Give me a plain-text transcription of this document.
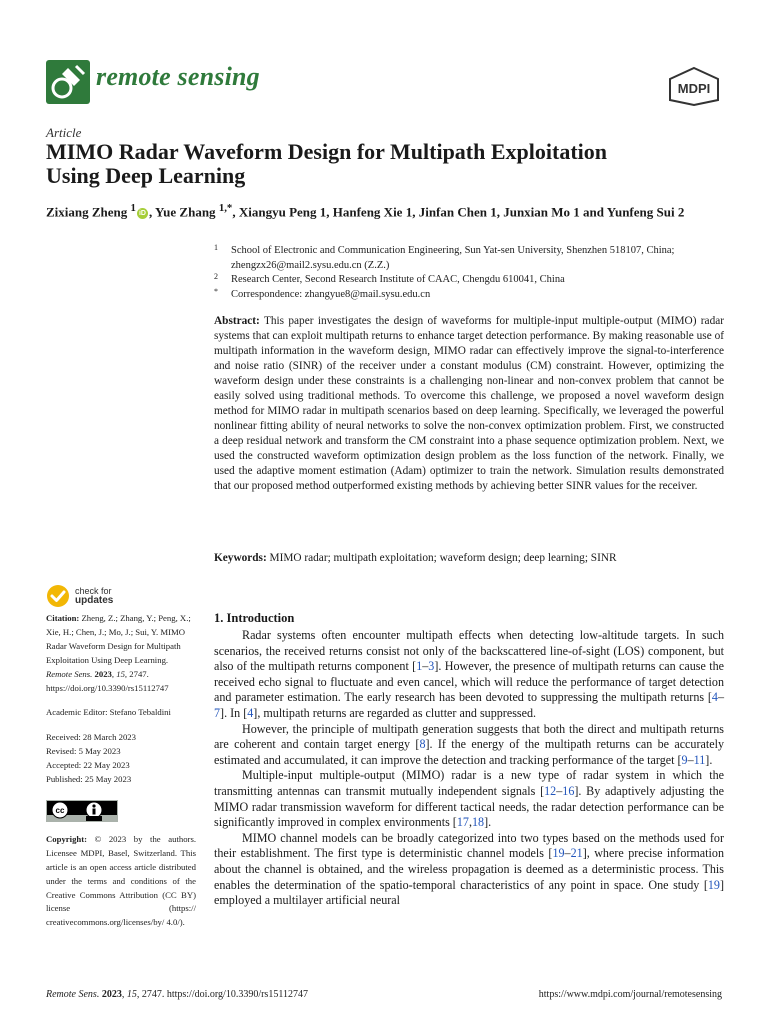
remote sensing	MDPI
Article
MIMO Radar Waveform Design for Multipath Exploitation
Using Deep Learning
Zixiang Zheng $^1$ iD , Yue Zhang $^{1,*}$, Xiangyu Peng 1, Hanfeng Xie 1, Jinfan Chen 1, Junxian Mo 1 and Yunfeng Sui 2
1 School of Electronic and Communication Engineering, Sun Yat-sen University, Shenzhen 518107, China;
zhengzx26@mail2.sysu.edu.cn (Z.Z.)
2 Research Center, Second Research Institute of CAAC, Chengdu 610041, China
* Correspondence: zhangyue8@mail.sysu.edu.cn
Abstract: This paper investigates the design of waveforms for multiple-input multiple-output (MIMO) radar systems that can exploit multipath returns to enhance target detection performance. By making reasonable use of multipath information in the waveform design, MIMO radar can effectively improve the signal-to-interference and noise ratio (SINR) of the receiver under a constant modulus (CM) constraint. However, optimizing the waveform design under these constraints is a challenging non-linear and non-convex problem that cannot be easily solved using traditional methods. To overcome this challenge, we proposed a novel waveform design method for MIMO radar in multipath scenarios based on deep learning. Specifically, we leveraged the powerful nonlinear fitting ability of neural networks to solve the non-convex optimization problem. First, we constructed a deep residual network and transform the CM constraint into a phase sequence optimization problem. Next, we used the constructed waveform optimization design problem as the loss function of the network. Finally, we used the adaptive moment estimation (Adam) optimizer to train the network. Simulation results demonstrated that our proposed method outperformed existing methods by achieving better SINR values for the receiver.
Keywords: MIMO radar; multipath exploitation; waveform design; deep learning; SINR
check for
updates
Citation: Zheng, Z.; Zhang, Y.; Peng, X.; Xie, H.; Chen, J.; Mo, J.; Sui, Y. MIMO Radar Waveform Design for Multipath Exploitation Using Deep Learning. Remote Sens. 2023, 15, 2747. https://doi.org/10.3390/rs15112747
Academic Editor: Stefano Tebaldini
Received: 28 March 2023
Revised: 5 May 2023
Accepted: 22 May 2023
Published: 25 May 2023
cc
Copyright: © 2023 by the authors. Licensee MDPI, Basel, Switzerland. This article is an open access article distributed under the terms and conditions of the Creative Commons Attribution (CC BY) license (https:// creativecommons.org/licenses/by/ 4.0/).
1. Introduction

Radar systems often encounter multipath effects when detecting low-altitude targets. In such scenarios, the received returns consist not only of the backscattered line-of-sight (LOS) component, but also of the multipath returns component [1–3]. However, the presence of multipath returns can cause the received echo signal to fluctuate and even cancel, which will reduce the performance of target detection and parameter estimation. The early research has been devoted to suppressing the multipath returns [4–7]. In [4], multipath returns are regarded as clutter and suppressed.

However, the principle of multipath generation suggests that both the direct and multipath returns are coherent and contain target energy [8]. If the energy of the multipath returns can be accurately estimated and accumulated, it can improve the detection and tracking performance of the target [9–11].

Multiple-input multiple-output (MIMO) radar is a new type of radar system in which the transmitting antennas can transmit mutually independent signals [12–16]. By adaptively adjusting the MIMO radar transmission waveform for different tactical needs, the radar detection performance can be significantly improved in complex environments [17,18].

MIMO channel models can be broadly categorized into two types based on the methods used for their establishment. The first type is deterministic channel models [19–21], where precise information about the channel is obtained, and the wireless propagation is deemed as a deterministic process. This enables the determination of the spatio-temporal characteristics of any point in space. One study [19] employed a multilayer artificial neural

Remote Sens. 2023, 15, 2747. https://doi.org/10.3390/rs15112747	https://www.mdpi.com/journal/remotesensing
